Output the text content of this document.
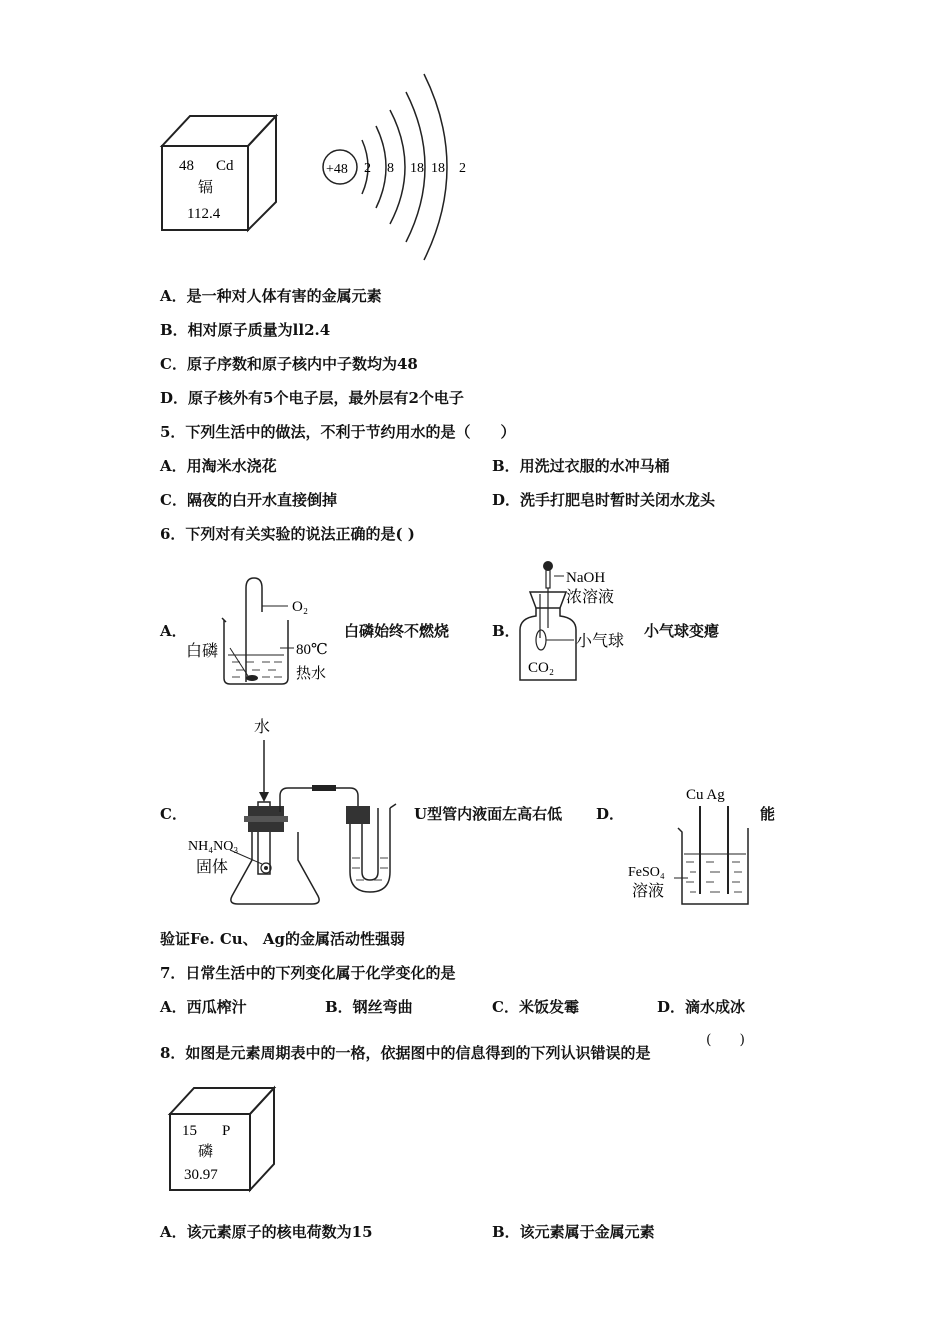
48 Cd
镉
112.4
+48 2 8 18 18 2
A．是一种对人体有害的金属元素
B．相对原子质量为ll2.4
C．原子序数和原子核内中子数均为48
D．原子核外有5个电子层，最外层有2个电子
5．下列生活中的做法，不利于节约用水的是（　　）
A．用淘米水浇花	B．用洗过衣服的水冲马桶
C．隔夜的白开水直接倒掉	D．洗手打肥皂时暂时关闭水龙头
6．下列对有关实验的说法正确的是( )
A．
O₂
白磷	80℃
热水
白磷始终不燃烧	B．
NaOH
浓溶液
小气球
CO₂
小气球变瘪
C．
水
NH₄NO₃
固体
U型管内液面左高右低 D．
Cu Ag
FeSO₄
溶液
能
验证Fe. Cu、 Ag的金属活动性强弱
7．日常生活中的下列变化属于化学变化的是
A．西瓜榨汁	B．钢丝弯曲	C．米饭发霉	D．滴水成冰
8．如图是元素周期表中的一格，依据图中的信息得到的下列认识错误的是
(　　)
15 P
磷
30.97
A．该元素原子的核电荷数为15	B．该元素属于金属元素
